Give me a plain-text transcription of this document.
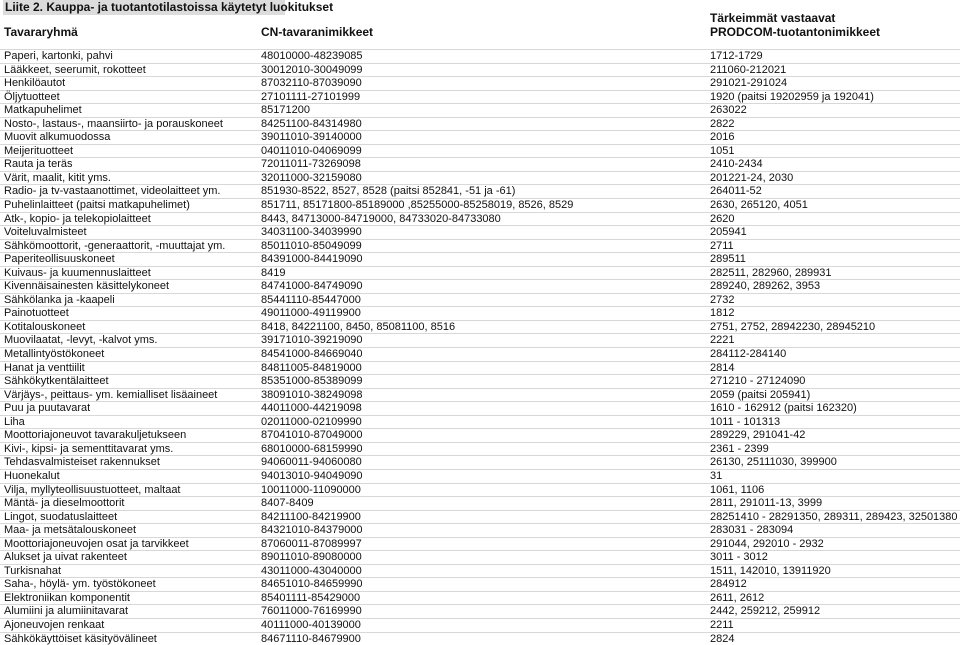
Liite 2. Kauppa- ja tuotantotilastoissa käytetyt luokitukset
Tavararyhmä	CN-tavaranimikkeet
Tärkeimmät vastaavat
PRODCOM-tuotantonimikkeet
Paperi, kartonki, pahvi	48010000-48239085	1712-1729
Lääkkeet, seerumit, rokotteet	30012010-30049099	211060-212021
Henkilöautot	87032110-87039090	291021-291024
Öljytuotteet	27101111-27101999	1920 (paitsi 19202959 ja 192041)
Matkapuhelimet	85171200	263022
Nosto-, lastaus-, maansiirto- ja porauskoneet	84251100-84314980	2822
Muovit alkumuodossa	39011010-39140000	2016
Meijerituotteet	04011010-04069099	1051
Rauta ja teräs	72011011-73269098	2410-2434
Värit, maalit, kitit yms.	32011000-32159080	201221-24, 2030
Radio- ja tv-vastaanottimet, videolaitteet ym.	851930-8522, 8527, 8528 (paitsi 852841, -51 ja -61)	264011-52
Puhelinlaitteet (paitsi matkapuhelimet)	851711, 85171800-85189000 ,85255000-85258019, 8526, 8529	2630, 265120, 4051
Atk-, kopio- ja telekopiolaitteet	8443, 84713000-84719000, 84733020-84733080	2620
Voiteluvalmisteet	34031100-34039990	205941
Sähkömoottorit, -generaattorit, -muuttajat ym.	85011010-85049099	2711
Paperiteollisuuskoneet	84391000-84419090	289511
Kuivaus- ja kuumennuslaitteet	8419	282511, 282960, 289931
Kivennäisainesten käsittelykoneet	84741000-84749090	289240, 289262, 3953
Sähkölanka ja -kaapeli	85441110-85447000	2732
Painotuotteet	49011000-49119900	1812
Kotitalouskoneet	8418, 84221100, 8450, 85081100, 8516	2751, 2752, 28942230, 28945210
Muovilaatat, -levyt, -kalvot yms.	39171010-39219090	2221
Metallintyöstökoneet	84541000-84669040	284112-284140
Hanat ja venttiilit	84811005-84819000	2814
Sähkökytkentälaitteet	85351000-85389099	271210 - 27124090
Värjäys-, peittaus- ym. kemialliset lisäaineet	38091010-38249098	2059 (paitsi 205941)
Puu ja puutavarat	44011000-44219098	1610 - 162912 (paitsi 162320)
Liha	02011000-02109990	1011 - 101313
Moottoriajoneuvot tavarakuljetukseen	87041010-87049000	289229, 291041-42
Kivi-, kipsi- ja sementtitavarat yms.	68010000-68159990	2361 - 2399
Tehdasvalmisteiset rakennukset	94060011-94060080	26130, 25111030, 399900
Huonekalut	94013010-94049090	31
Vilja, myllyteollisuustuotteet, maltaat	10011000-11090000	1061, 1106
Mäntä- ja dieselmoottorit	8407-8409	2811, 291011-13, 3999
Lingot, suodatuslaitteet	84211100-84219900	28251410 - 28291350, 289311, 289423, 32501380
Maa- ja metsätalouskoneet	84321010-84379000	283031 - 283094
Moottoriajoneuvojen osat ja tarvikkeet	87060011-87089997	291044, 292010 - 2932
Alukset ja uivat rakenteet	89011010-89080000	3011 - 3012
Turkisnahat	43011000-43040000	1511, 142010, 13911920
Saha-, höylä- ym. työstökoneet	84651010-84659990	284912
Elektroniikan komponentit	85401111-85429000	2611, 2612
Alumiini ja alumiinitavarat	76011000-76169990	2442, 259212, 259912
Ajoneuvojen renkaat	40111000-40139000	2211
Sähkökäyttöiset käsityövälineet	84671110-84679900	2824
